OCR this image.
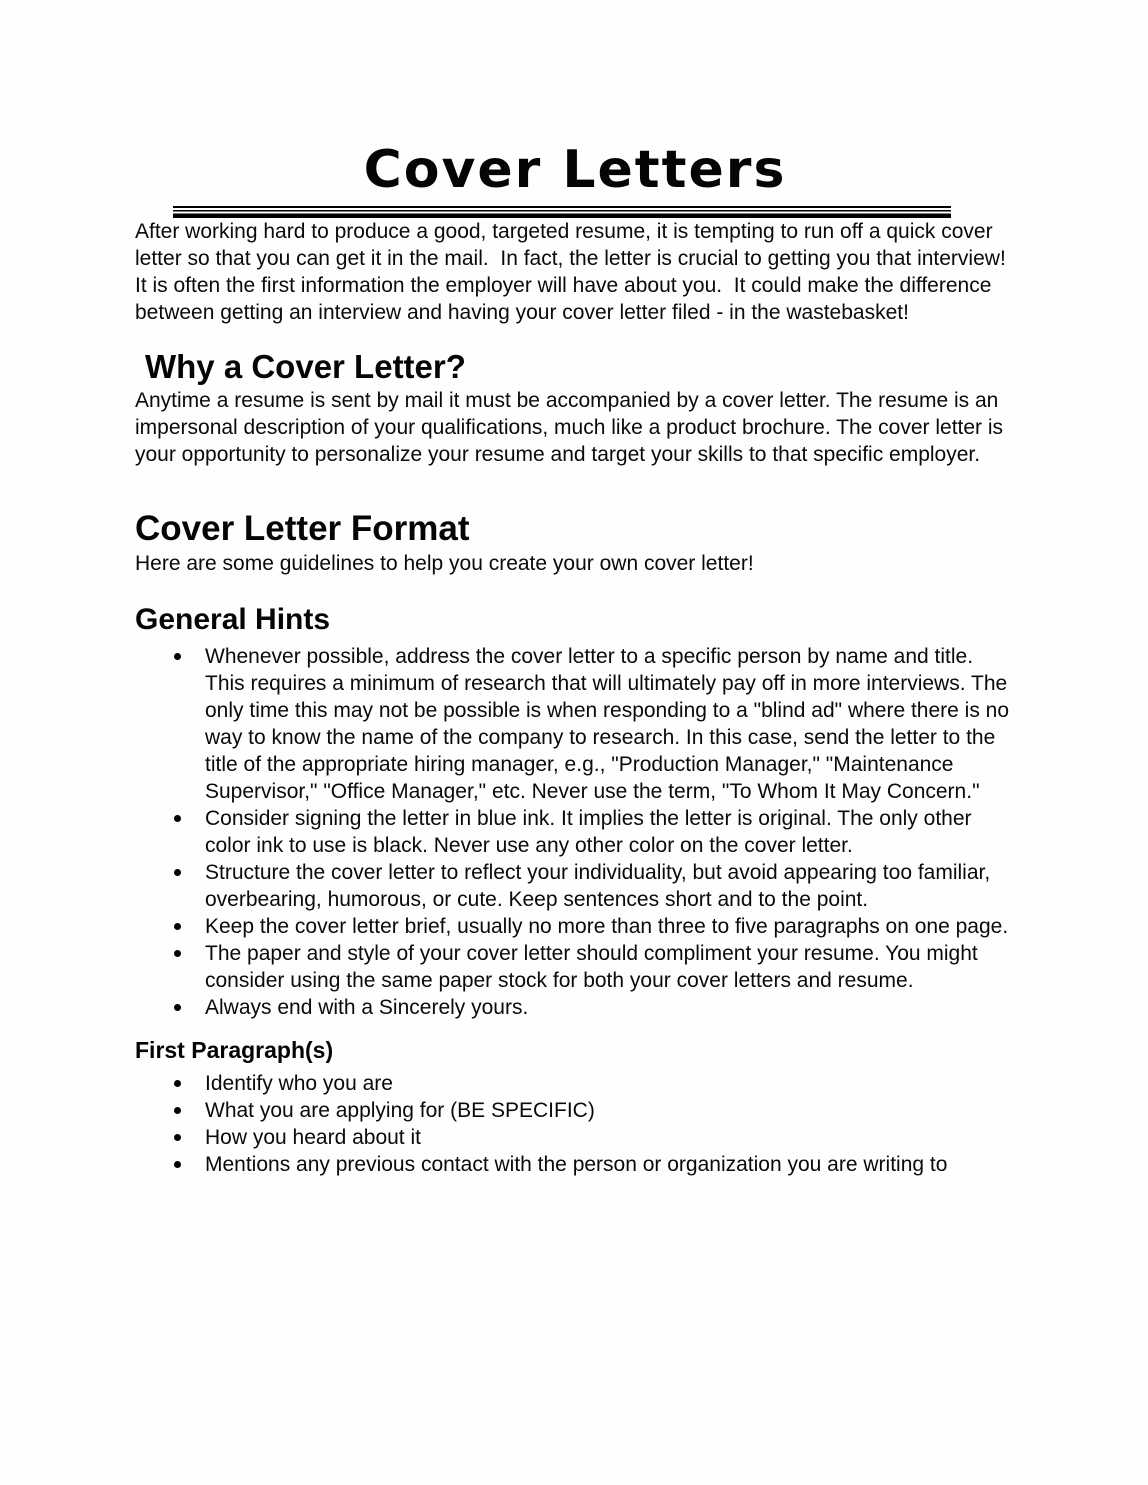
Cover Letters

After working hard to produce a good, targeted resume, it is tempting to run off a quick cover letter so that you can get it in the mail.  In fact, the letter is crucial to getting you that interview!  It is often the first information the employer will have about you.  It could make the difference between getting an interview and having your cover letter filed - in the wastebasket!

Why a Cover Letter?

Anytime a resume is sent by mail it must be accompanied by a cover letter. The resume is an impersonal description of your qualifications, much like a product brochure. The cover letter is your opportunity to personalize your resume and target your skills to that specific employer.

Cover Letter Format

Here are some guidelines to help you create your own cover letter!

General Hints
Whenever possible, address the cover letter to a specific person by name and title. This requires a minimum of research that will ultimately pay off in more interviews. The only time this may not be possible is when responding to a "blind ad" where there is no way to know the name of the company to research. In this case, send the letter to the title of the appropriate hiring manager, e.g., "Production Manager," "Maintenance Supervisor," "Office Manager," etc. Never use the term, "To Whom It May Concern."
Consider signing the letter in blue ink. It implies the letter is original. The only other color ink to use is black. Never use any other color on the cover letter.
Structure the cover letter to reflect your individuality, but avoid appearing too familiar, overbearing, humorous, or cute. Keep sentences short and to the point.
Keep the cover letter brief, usually no more than three to five paragraphs on one page.
The paper and style of your cover letter should compliment your resume. You might consider using the same paper stock for both your cover letters and resume.
Always end with a Sincerely yours.
First Paragraph(s)
Identify who you are
What you are applying for (BE SPECIFIC)
How you heard about it
Mentions any previous contact with the person or organization you are writing to
